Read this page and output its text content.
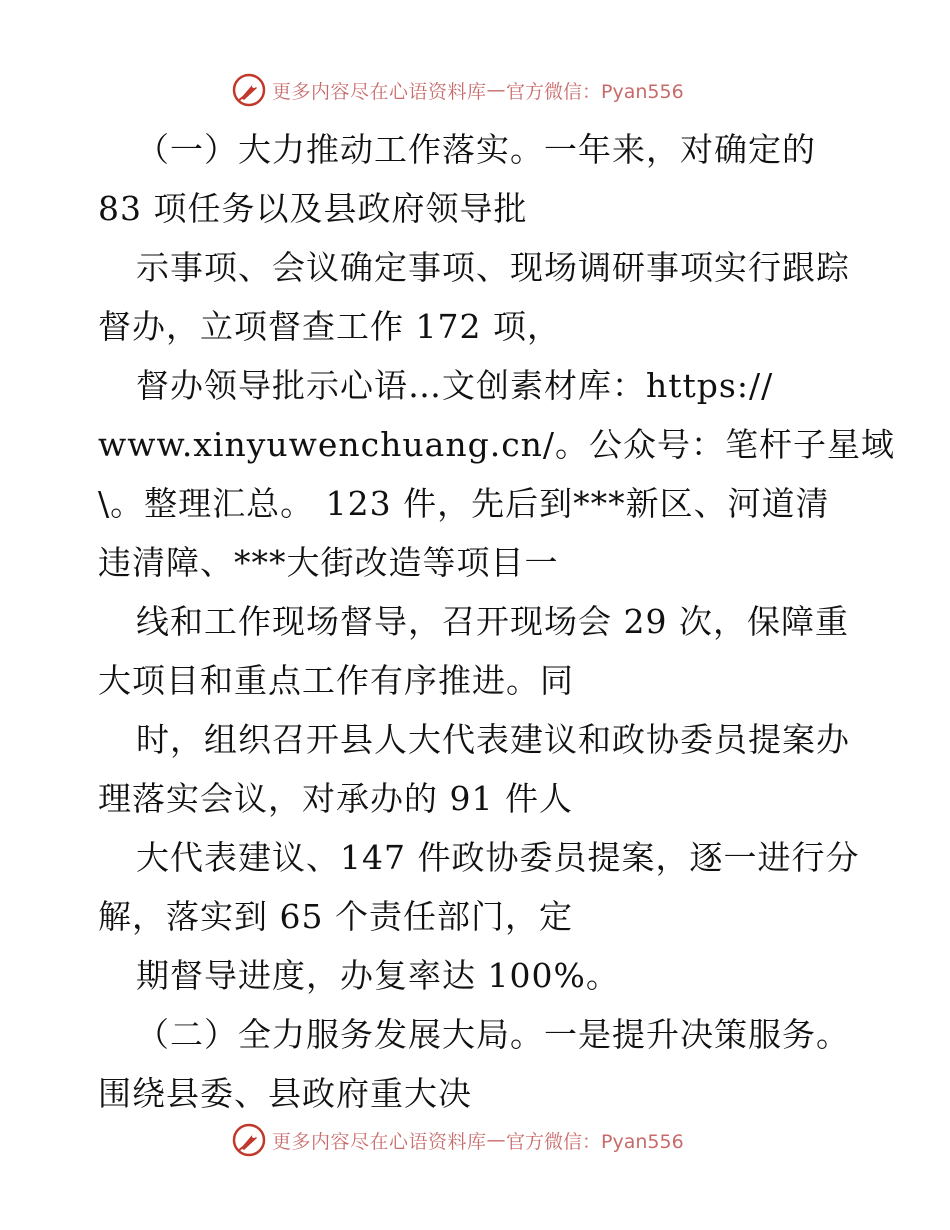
更多内容尽在心语资料库 — 官方微信：Pyan556
（一）大力推动工作落实。一年来，对确定的
83 项任务以及县政府领导批
示事项、会议确定事项、现场调研事项实行跟踪
督办，立项督查工作 172 项，
督办领导批示心语…文创素材库：https://
www.xinyuwenchuang.cn/。公众号：笔杆子星域
\。整理汇总。 123 件，先后到***新区、河道清
违清障、***大街改造等项目一
线和工作现场督导，召开现场会 29 次，保障重
大项目和重点工作有序推进。同
时，组织召开县人大代表建议和政协委员提案办
理落实会议，对承办的 91 件人
大代表建议、147 件政协委员提案，逐一进行分
解，落实到 65 个责任部门，定
期督导进度，办复率达 100%。
（二）全力服务发展大局。一是提升决策服务。
围绕县委、县政府重大决
更多内容尽在心语资料库 — 官方微信：Pyan556
